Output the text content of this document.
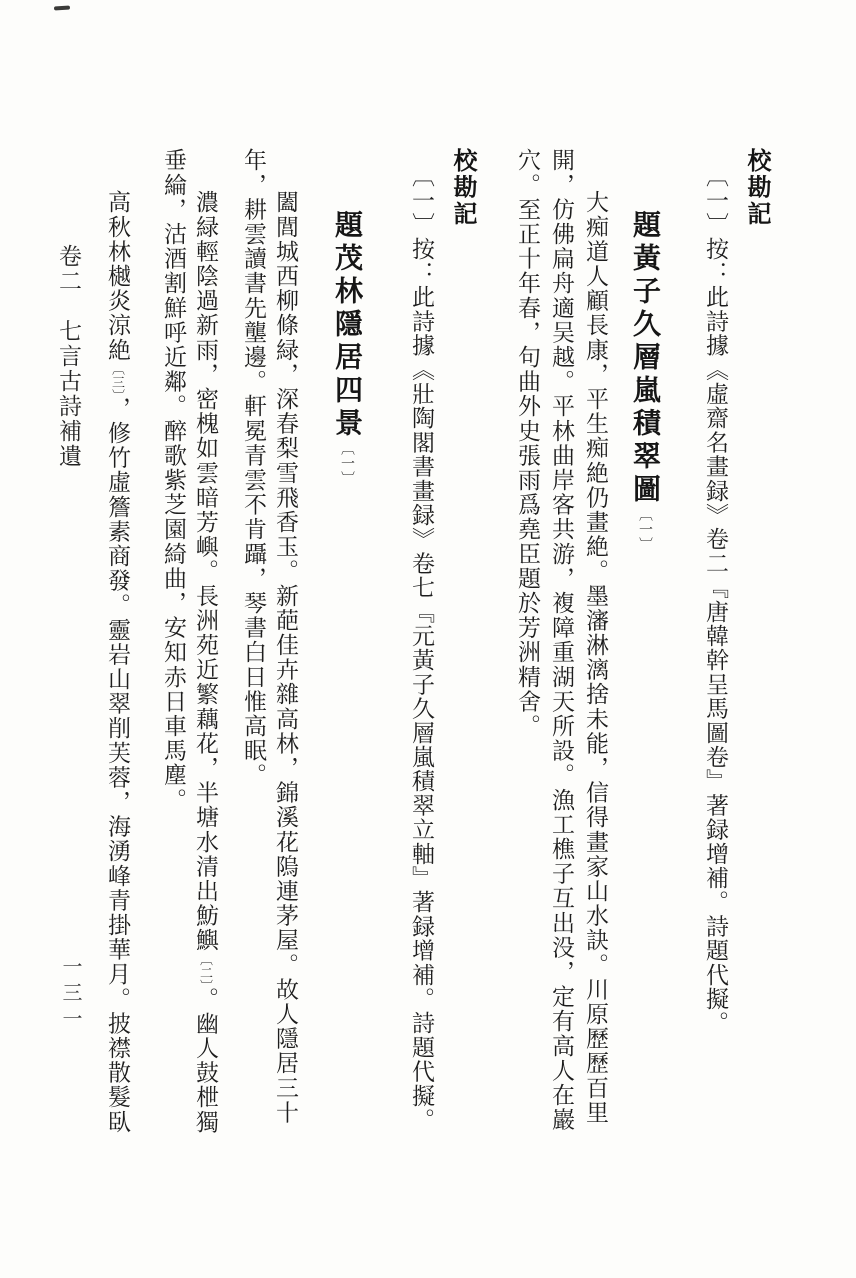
校勘記
〔一〕按：此詩據《虛齋名畫録》卷二『唐韓幹呈馬圖卷』著録增補。詩題代擬。
題黃子久層嵐積翠圖〔一〕
大痴道人顧長康，平生痴絶仍畫絶。墨瀋淋漓捨未能，信得畫家山水訣。川原歷歷百里
開，仿佛扁舟適吴越。平林曲岸客共游，複障重湖天所設。漁工樵子互出没，定有高人在巖
穴。至正十年春，句曲外史張雨爲堯臣題於芳洲精舍。
校勘記
〔一〕按：此詩據《壯陶閣書畫録》卷七『元黃子久層嵐積翠立軸』著録增補。詩題代擬。
題茂林隱居四景〔一〕
闔閭城西柳條緑，深春梨雪飛香玉。新葩佳卉雜高林，錦溪花隖連茅屋。故人隱居三十
年，耕雲讀書先壟邊。軒冕青雲不肯躡，琴書白日惟高眠。
濃緑輕陰過新雨，密槐如雲暗芳嶼。長洲苑近繁藕花，半塘水清出魴鱮〔二〕。幽人鼓枻獨
垂綸，沽酒割鮮呼近鄰。醉歌紫芝園綺曲，安知赤日車馬塵。
高秋林樾炎涼絶〔三〕，修竹虛簷素商發。靈岩山翠削芙蓉，海湧峰青掛華月。披襟散髮臥
卷二　七言古詩補遺
一三一
